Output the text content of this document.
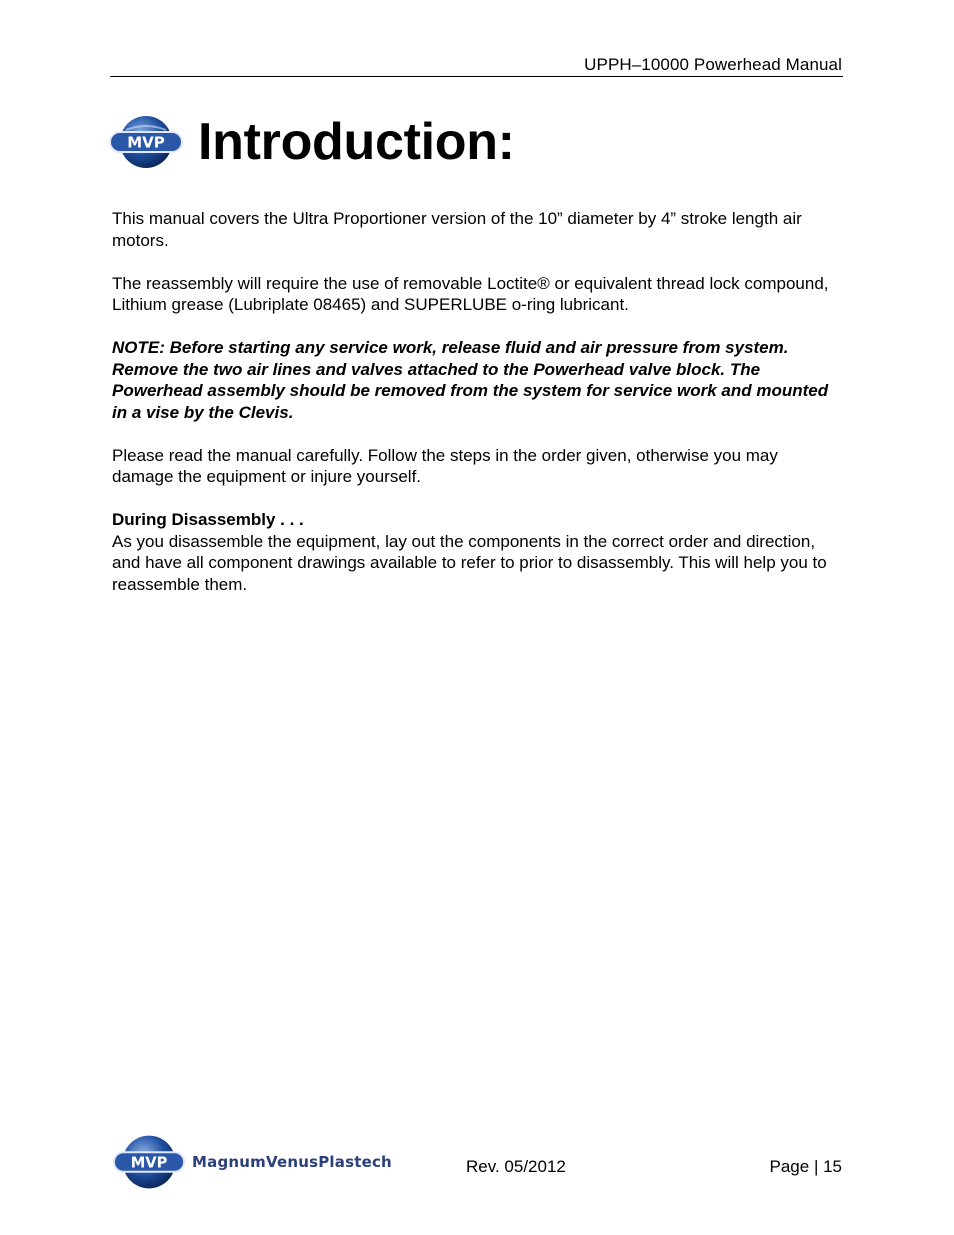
UPPH–10000 Powerhead Manual
MVP Introduction:

This manual covers the Ultra Proportioner version of the 10” diameter by 4” stroke length air motors.

The reassembly will require the use of removable Loctite® or equivalent thread lock compound, Lithium grease (Lubriplate 08465) and SUPERLUBE o-ring lubricant.

NOTE: Before starting any service work, release fluid and air pressure from system. Remove the two air lines and valves attached to the Powerhead valve block. The Powerhead assembly should be removed from the system for service work and mounted in a vise by the Clevis.

Please read the manual carefully. Follow the steps in the order given, otherwise you may damage the equipment or injure yourself.

During Disassembly . . .
As you disassemble the equipment, lay out the components in the correct order and direction, and have all component drawings available to refer to prior to disassembly. This will help you to reassemble them.

MVP MagnumVenusPlastech	Rev. 05/2012	Page | 15
